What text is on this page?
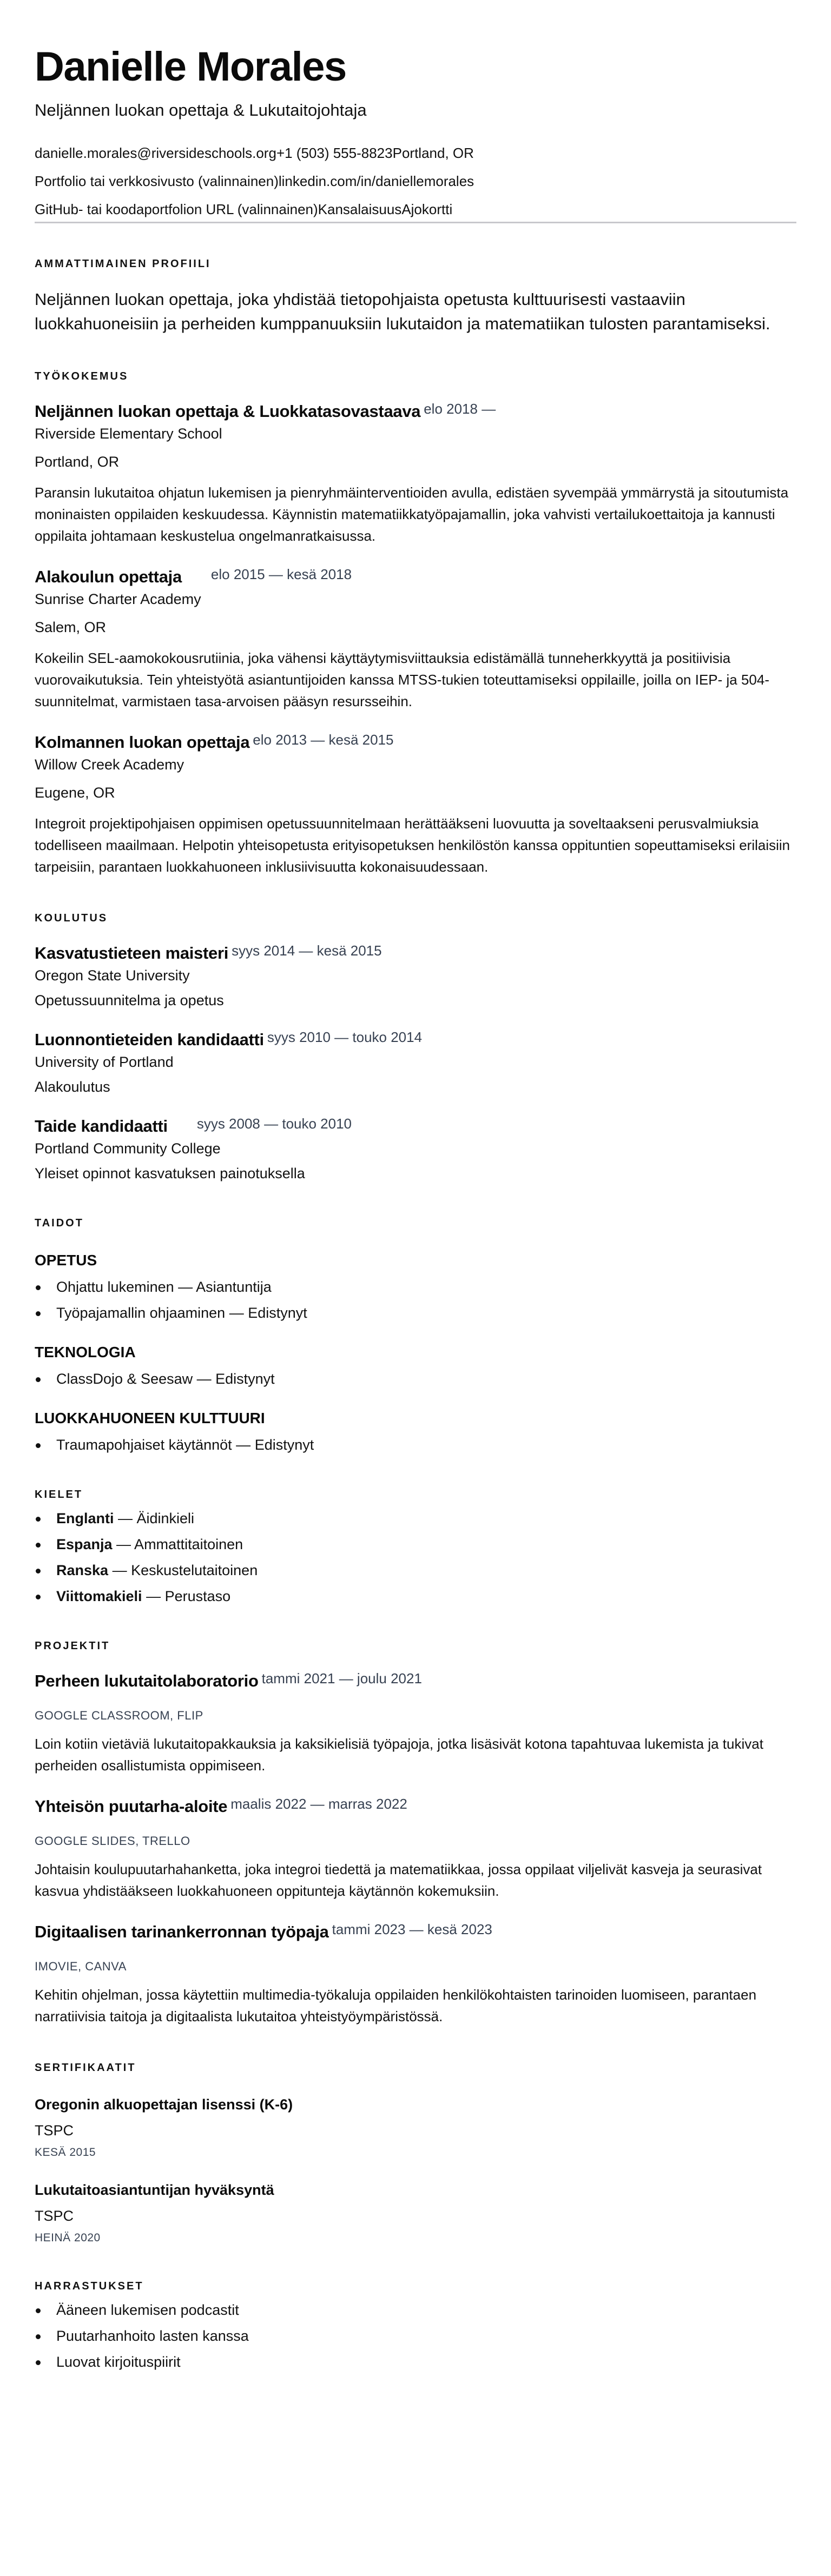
Danielle Morales
Neljännen luokan opettaja & Lukutaitojohtaja
danielle.morales@riversideschools.org +1 (503) 555-8823 Portland, OR
Portfolio tai verkkosivusto (valinnainen) linkedin.com/in/daniellemorales
GitHub- tai koodaportfolion URL (valinnainen) Kansalaisuus Ajokortti
AMMATTIMAINEN PROFIILI

Neljännen luokan opettaja, joka yhdistää tietopohjaista opetusta kulttuurisesti vastaaviin luokkahuoneisiin ja perheiden kumppanuuksiin lukutaidon ja matematiikan tulosten parantamiseksi.

TYÖKOKEMUS
Neljännen luokan opettaja & Luokkatasovastaava elo 2018 —
Riverside Elementary School
Portland, OR

Paransin lukutaitoa ohjatun lukemisen ja pienryhmäinterventioiden avulla, edistäen syvempää ymmärrystä ja sitoutumista moninaisten oppilaiden keskuudessa. Käynnistin matematiikkatyöpajamallin, joka vahvisti vertailukoettaitoja ja kannusti oppilaita johtamaan keskustelua ongelmanratkaisussa.

Alakoulun opettaja elo 2015 — kesä 2018
Sunrise Charter Academy
Salem, OR

Kokeilin SEL-aamokokousrutiinia, joka vähensi käyttäytymisviittauksia edistämällä tunneherkkyyttä ja positiivisia vuorovaikutuksia. Tein yhteistyötä asiantuntijoiden kanssa MTSS-tukien toteuttamiseksi oppilaille, joilla on IEP- ja 504-suunnitelmat, varmistaen tasa-arvoisen pääsyn resursseihin.

Kolmannen luokan opettaja elo 2013 — kesä 2015
Willow Creek Academy
Eugene, OR

Integroit projektipohjaisen oppimisen opetussuunnitelmaan herättääkseni luovuutta ja soveltaakseni perusvalmiuksia todelliseen maailmaan. Helpotin yhteisopetusta erityisopetuksen henkilöstön kanssa oppituntien sopeuttamiseksi erilaisiin tarpeisiin, parantaen luokkahuoneen inklusiivisuutta kokonaisuudessaan.

KOULUTUS
Kasvatustieteen maisteri syys 2014 — kesä 2015
Oregon State University
Opetussuunnitelma ja opetus
Luonnontieteiden kandidaatti syys 2010 — touko 2014
University of Portland
Alakoulutus
Taide kandidaatti syys 2008 — touko 2010
Portland Community College
Yleiset opinnot kasvatuksen painotuksella
TAIDOT
OPETUS
Ohjattu lukeminen — Asiantuntija
Työpajamallin ohjaaminen — Edistynyt
TEKNOLOGIA
ClassDojo & Seesaw — Edistynyt
LUOKKAHUONEEN KULTTUURI
Traumapohjaiset käytännöt — Edistynyt
KIELET
Englanti — Äidinkieli
Espanja — Ammattitaitoinen
Ranska — Keskustelutaitoinen
Viittomakieli — Perustaso
PROJEKTIT
Perheen lukutaitolaboratorio tammi 2021 — joulu 2021
GOOGLE CLASSROOM, FLIP

Loin kotiin vietäviä lukutaitopakkauksia ja kaksikielisiä työpajoja, jotka lisäsivät kotona tapahtuvaa lukemista ja tukivat perheiden osallistumista oppimiseen.

Yhteisön puutarha-aloite maalis 2022 — marras 2022
GOOGLE SLIDES, TRELLO

Johtaisin koulupuutarhahanketta, joka integroi tiedettä ja matematiikkaa, jossa oppilaat viljelivät kasveja ja seurasivat kasvua yhdistääkseen luokkahuoneen oppitunteja käytännön kokemuksiin.

Digitaalisen tarinankerronnan työpaja tammi 2023 — kesä 2023
IMOVIE, CANVA

Kehitin ohjelman, jossa käytettiin multimedia-työkaluja oppilaiden henkilökohtaisten tarinoiden luomiseen, parantaen narratiivisia taitoja ja digitaalista lukutaitoa yhteistyöympäristössä.

SERTIFIKAATIT
Oregonin alkuopettajan lisenssi (K-6)
TSPC
KESÄ 2015
Lukutaitoasiantuntijan hyväksyntä
TSPC
HEINÄ 2020
HARRASTUKSET
Ääneen lukemisen podcastit
Puutarhanhoito lasten kanssa
Luovat kirjoituspiirit
